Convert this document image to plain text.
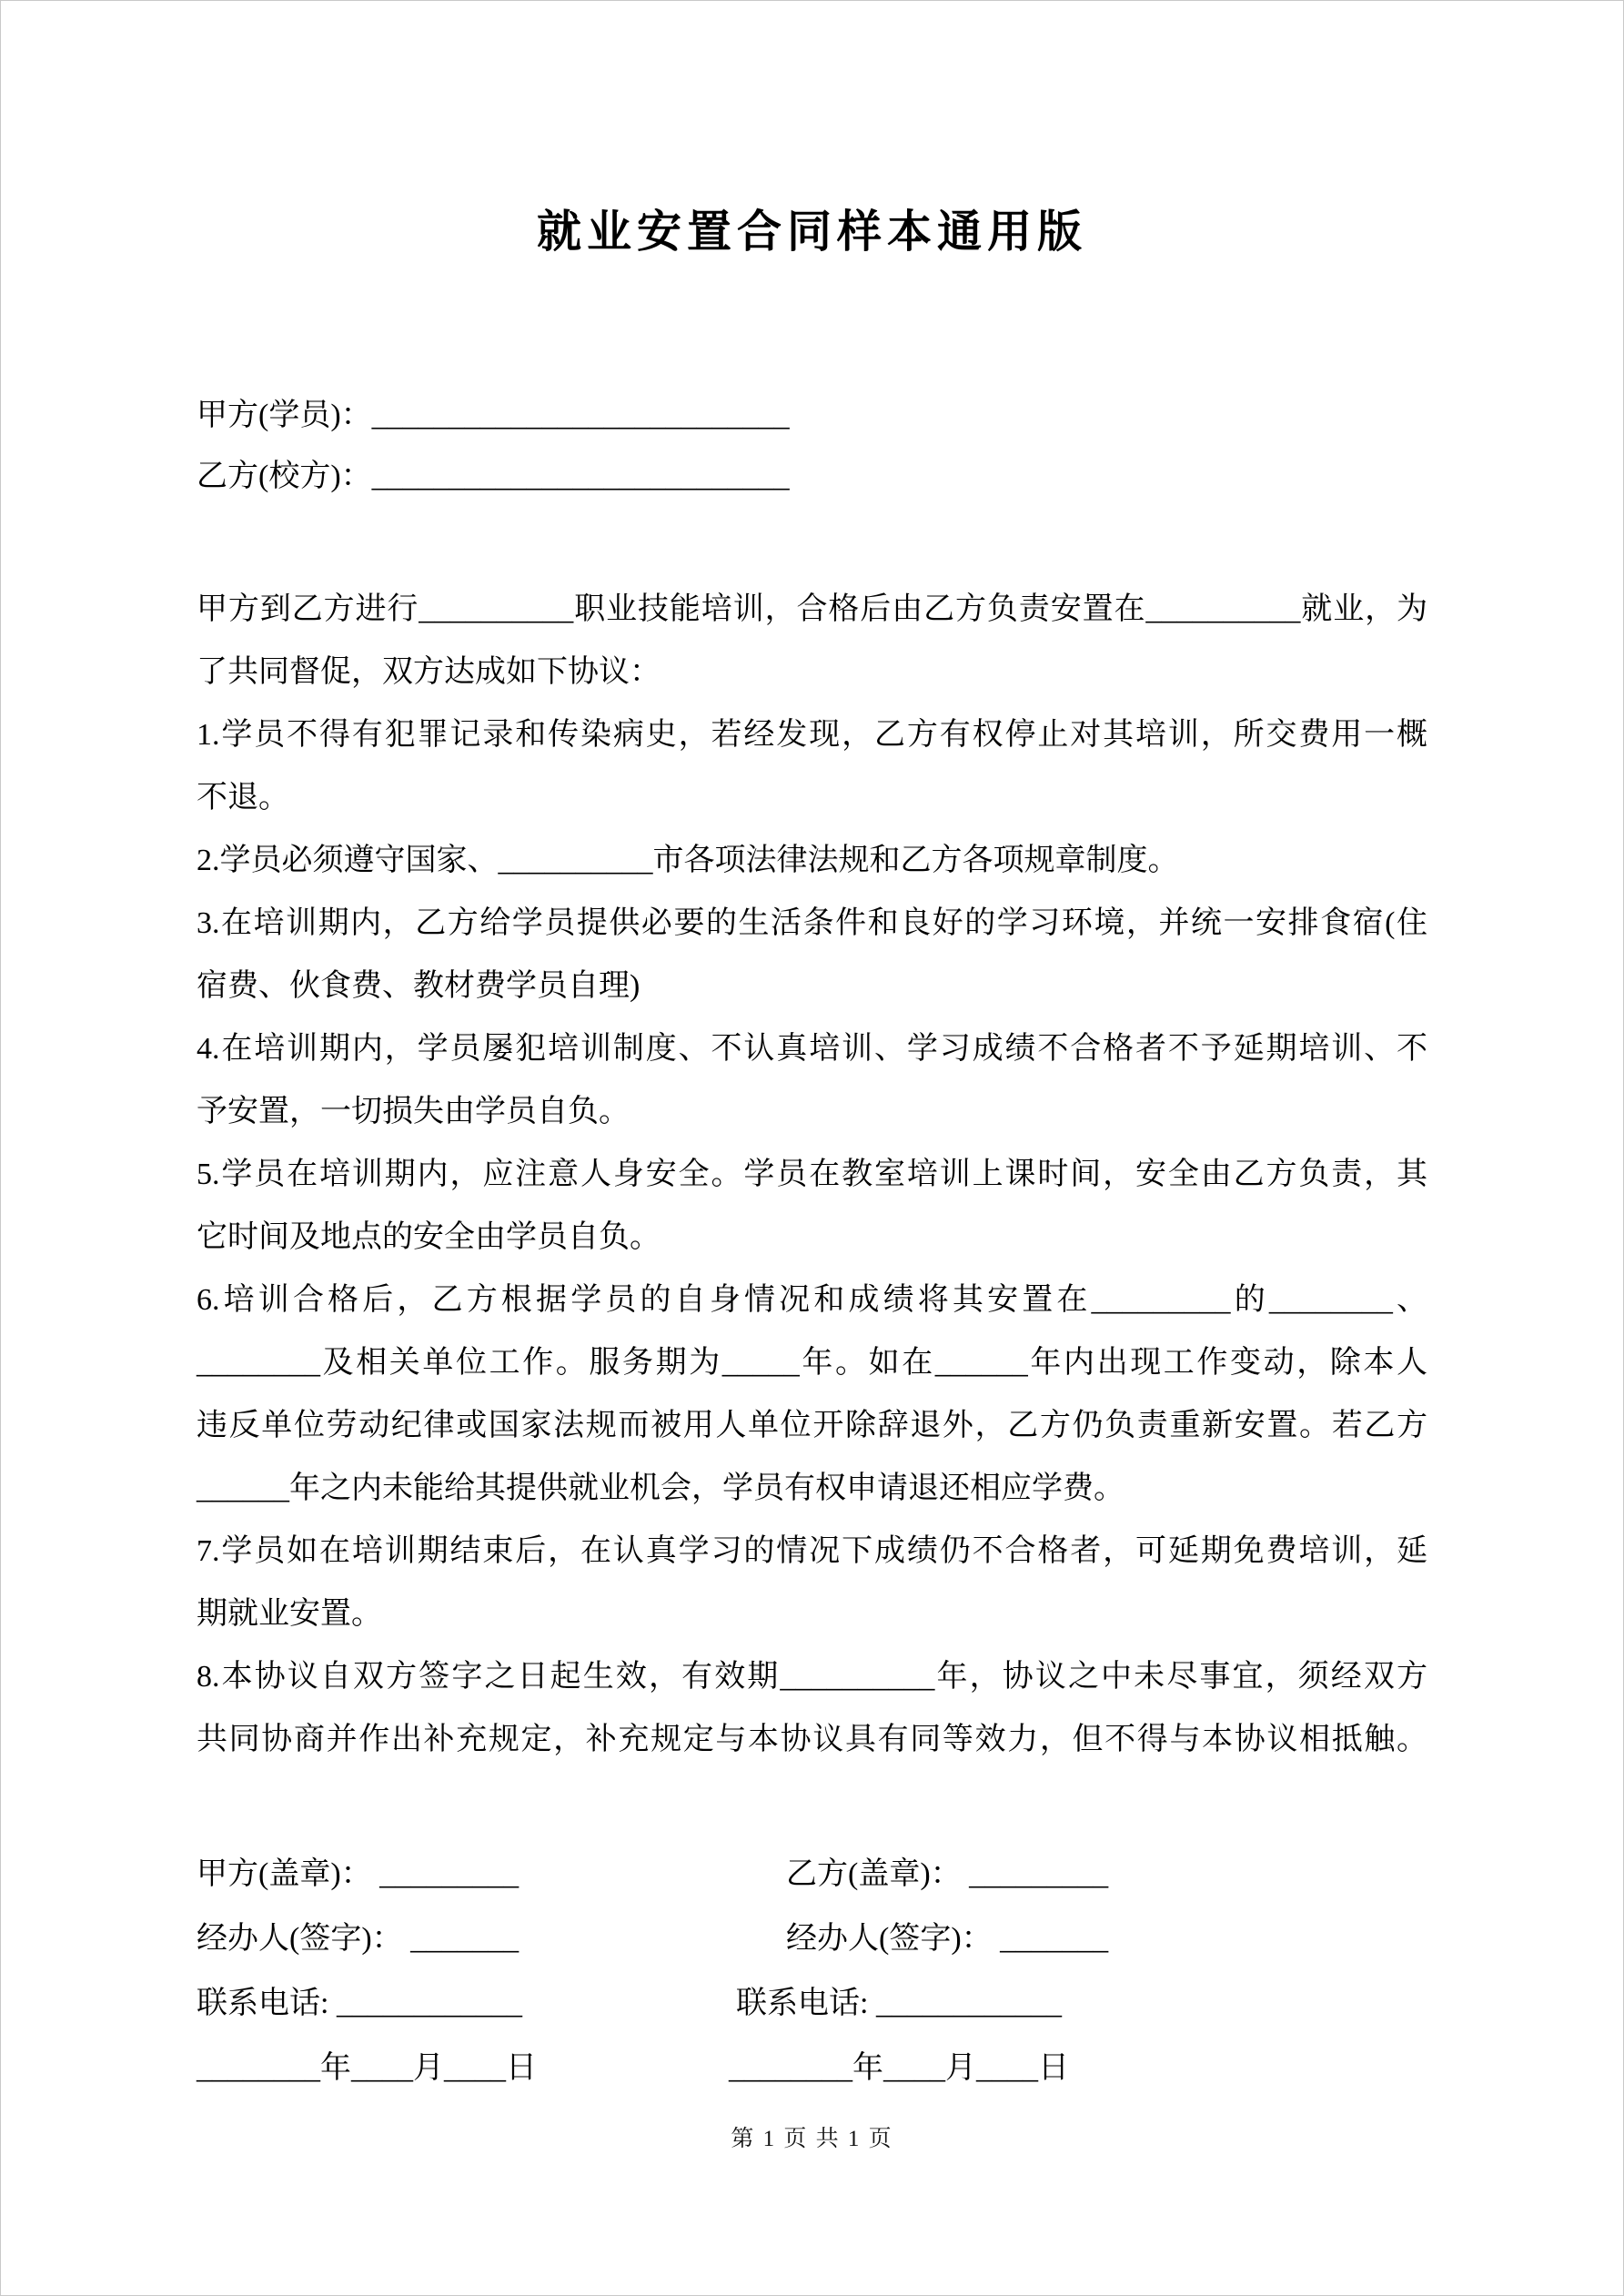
就业安置合同样本通用版
甲方(学员)：___________________________
乙方(校方)：___________________________
甲方到乙方进行__________职业技能培训，合格后由乙方负责安置在__________就业，为
了共同督促，双方达成如下协议：
1.学员不得有犯罪记录和传染病史，若经发现，乙方有权停止对其培训，所交费用一概
不退。
2.学员必须遵守国家、__________市各项法律法规和乙方各项规章制度。
3.在培训期内，乙方给学员提供必要的生活条件和良好的学习环境，并统一安排食宿(住
宿费、伙食费、教材费学员自理)
4.在培训期内，学员屡犯培训制度、不认真培训、学习成绩不合格者不予延期培训、不
予安置，一切损失由学员自负。
5.学员在培训期内，应注意人身安全。学员在教室培训上课时间，安全由乙方负责，其
它时间及地点的安全由学员自负。
6.培训合格后，乙方根据学员的自身情况和成绩将其安置在_________的________、
________及相关单位工作。服务期为_____年。如在______年内出现工作变动，除本人
违反单位劳动纪律或国家法规而被用人单位开除辞退外，乙方仍负责重新安置。若乙方
______年之内未能给其提供就业机会，学员有权申请退还相应学费。
7.学员如在培训期结束后，在认真学习的情况下成绩仍不合格者，可延期免费培训，延
期就业安置。
8.本协议自双方签字之日起生效，有效期__________年，协议之中未尽事宜，须经双方
共同协商并作出补充规定，补充规定与本协议具有同等效力，但不得与本协议相抵触。
甲方(盖章)： _________	乙方(盖章)： _________
经办人(签字)： _______	经办人(签字)： _______
联系电话: ____________	联系电话: ____________
________年____月____日	________年____月____日
第 1 页 共 1 页
